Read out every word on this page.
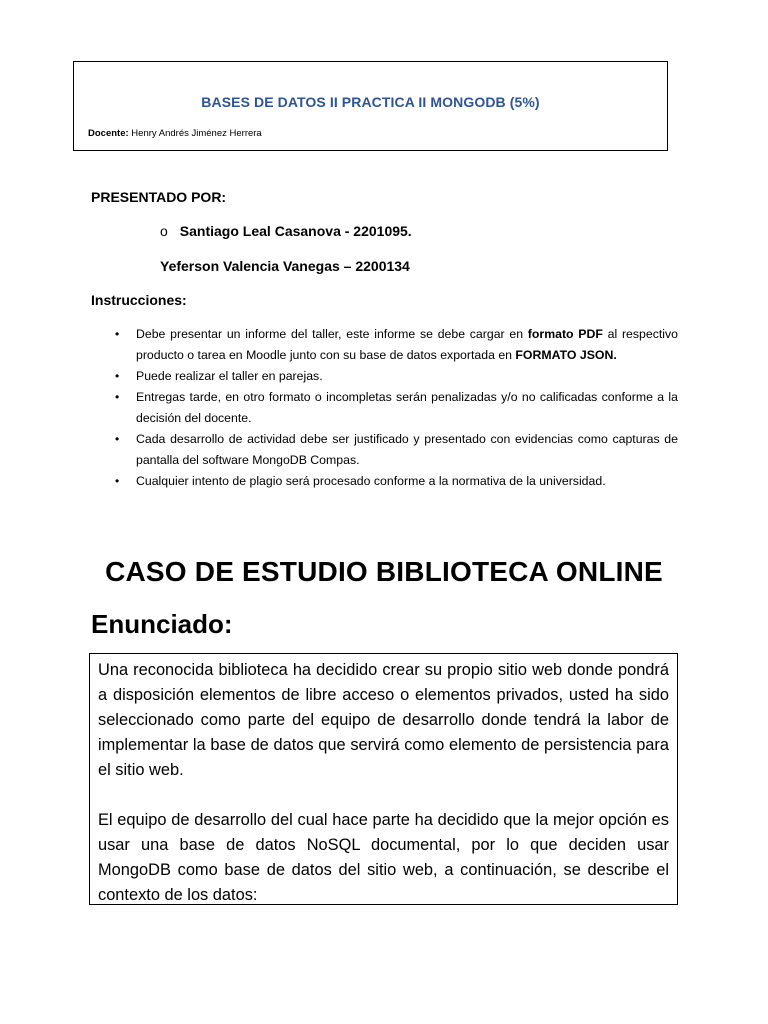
BASES DE DATOS II PRACTICA II MONGODB (5%)
Docente: Henry Andrés Jiménez Herrera
PRESENTADO POR:
o Santiago Leal Casanova - 2201095.
Yeferson Valencia Vanegas – 2200134
Instrucciones:
• Debe presentar un informe del taller, este informe se debe cargar en formato PDF al respectivo producto o tarea en Moodle junto con su base de datos exportada en FORMATO JSON.
• Puede realizar el taller en parejas.
• Entregas tarde, en otro formato o incompletas serán penalizadas y/o no calificadas conforme a la decisión del docente.
• Cada desarrollo de actividad debe ser justificado y presentado con evidencias como capturas de pantalla del software MongoDB Compas.
• Cualquier intento de plagio será procesado conforme a la normativa de la universidad.
CASO DE ESTUDIO BIBLIOTECA ONLINE
Enunciado:

Una reconocida biblioteca ha decidido crear su propio sitio web donde pondrá a disposición elementos de libre acceso o elementos privados, usted ha sido seleccionado como parte del equipo de desarrollo donde tendrá la labor de implementar la base de datos que servirá como elemento de persistencia para el sitio web.

El equipo de desarrollo del cual hace parte ha decidido que la mejor opción es usar una base de datos NoSQL documental, por lo que deciden usar MongoDB como base de datos del sitio web, a continuación, se describe el contexto de los datos:
